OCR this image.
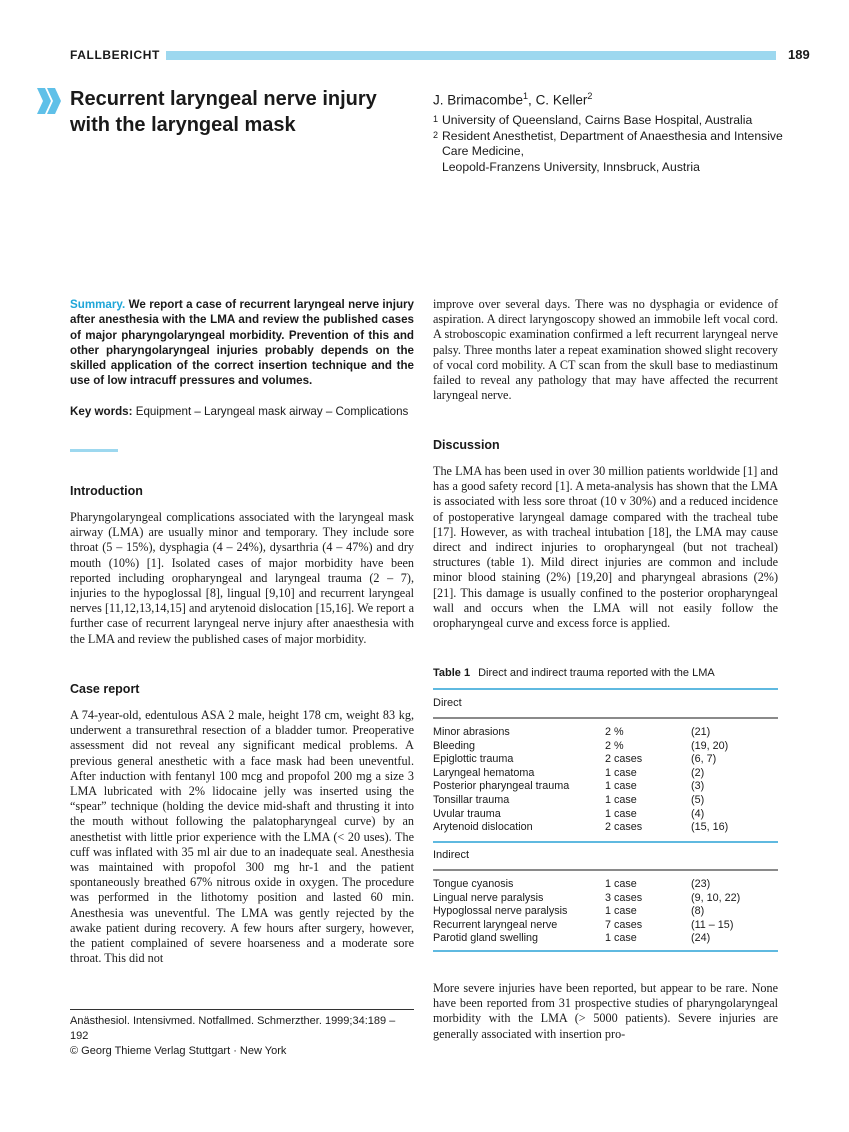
FALLBERICHT	189
Recurrent laryngeal nerve injury
with the laryngeal mask
J. Brimacombe$^1$, C. Keller$^2$
1 University of Queensland, Cairns Base Hospital, Australia
2 Resident Anesthetist, Department of Anaesthesia and Intensive
Care Medicine,
Leopold-Franzens University, Innsbruck, Austria
Summary. We report a case of recurrent laryngeal nerve injury after anesthesia with the LMA and review the published cases of major pharyngolaryngeal morbidity. Prevention of this and other pharyngolaryngeal injuries probably depends on the skilled application of the correct insertion technique and the use of low intracuff pressures and volumes.
Key words: Equipment – Laryngeal mask airway – Complications
Introduction

Pharyngolaryngeal complications associated with the laryngeal mask airway (LMA) are usually minor and temporary. They include sore throat (5 – 15%), dysphagia (4 – 24%), dysarthria (4 – 47%) and dry mouth (10%) [1]. Isolated cases of major morbidity have been reported including oropharyngeal and laryngeal trauma (2 – 7), injuries to the hypoglossal [8], lingual [9,10] and recurrent laryngeal nerves [11,12,13,14,15] and arytenoid dislocation [15,16]. We report a further case of recurrent laryngeal nerve injury after anaesthesia with the LMA and review the published cases of major morbidity.

Case report

A 74-year-old, edentulous ASA 2 male, height 178 cm, weight 83 kg, underwent a transurethral resection of a bladder tumor. Preoperative assessment did not reveal any significant medical problems. A previous general anesthetic with a face mask had been uneventful. After induction with fentanyl 100 mcg and propofol 200 mg a size 3 LMA lubricated with 2% lidocaine jelly was inserted using the “spear” technique (holding the device mid-shaft and thrusting it into the mouth without following the palatopharyngeal curve) by an anesthetist with little prior experience with the LMA (< 20 uses). The cuff was inflated with 35 ml air due to an inadequate seal. Anesthesia was maintained with propofol 300 mg hr-1 and the patient spontaneously breathed 67% nitrous oxide in oxygen. The procedure was performed in the lithotomy position and lasted 60 min. Anesthesia was uneventful. The LMA was gently rejected by the awake patient during recovery. A few hours after surgery, however, the patient complained of severe hoarseness and a moderate sore throat. This did not

Anästhesiol. Intensivmed. Notfallmed. Schmerzther. 1999;34:189 – 192
© Georg Thieme Verlag Stuttgart · New York

improve over several days. There was no dysphagia or evidence of aspiration. A direct laryngoscopy showed an immobile left vocal cord. A stroboscopic examination confirmed a left recurrent laryngeal nerve palsy. Three months later a repeat examination showed slight recovery of vocal cord mobility. A CT scan from the skull base to mediastinum failed to reveal any pathology that may have affected the recurrent laryngeal nerve.

Discussion

The LMA has been used in over 30 million patients worldwide [1] and has a good safety record [1]. A meta-analysis has shown that the LMA is associated with less sore throat (10 v 30%) and a reduced incidence of postoperative laryngeal damage compared with the tracheal tube [17]. However, as with tracheal intubation [18], the LMA may cause direct and indirect injuries to oropharyngeal (but not tracheal) structures (table 1). Mild direct injuries are common and include minor blood staining (2%) [19,20] and pharyngeal abrasions (2%) [21]. This damage is usually confined to the posterior oropharyngeal wall and occurs when the LMA will not easily follow the oropharyngeal curve and excess force is applied.

Table 1 Direct and indirect trauma reported with the LMA
Direct
Minor abrasions	2 %	(21)
Bleeding	2 %	(19, 20)
Epiglottic trauma	2 cases	(6, 7)
Laryngeal hematoma	1 case	(2)
Posterior pharyngeal trauma	1 case	(3)
Tonsillar trauma	1 case	(5)
Uvular trauma	1 case	(4)
Arytenoid dislocation	2 cases	(15, 16)
Indirect
Tongue cyanosis	1 case	(23)
Lingual nerve paralysis	3 cases	(9, 10, 22)
Hypoglossal nerve paralysis	1 case	(8)
Recurrent laryngeal nerve	7 cases	(11 – 15)
Parotid gland swelling	1 case	(24)

More severe injuries have been reported, but appear to be rare. None have been reported from 31 prospective studies of pharyngolaryngeal morbidity with the LMA (> 5000 patients). Severe injuries are generally associated with insertion pro-
